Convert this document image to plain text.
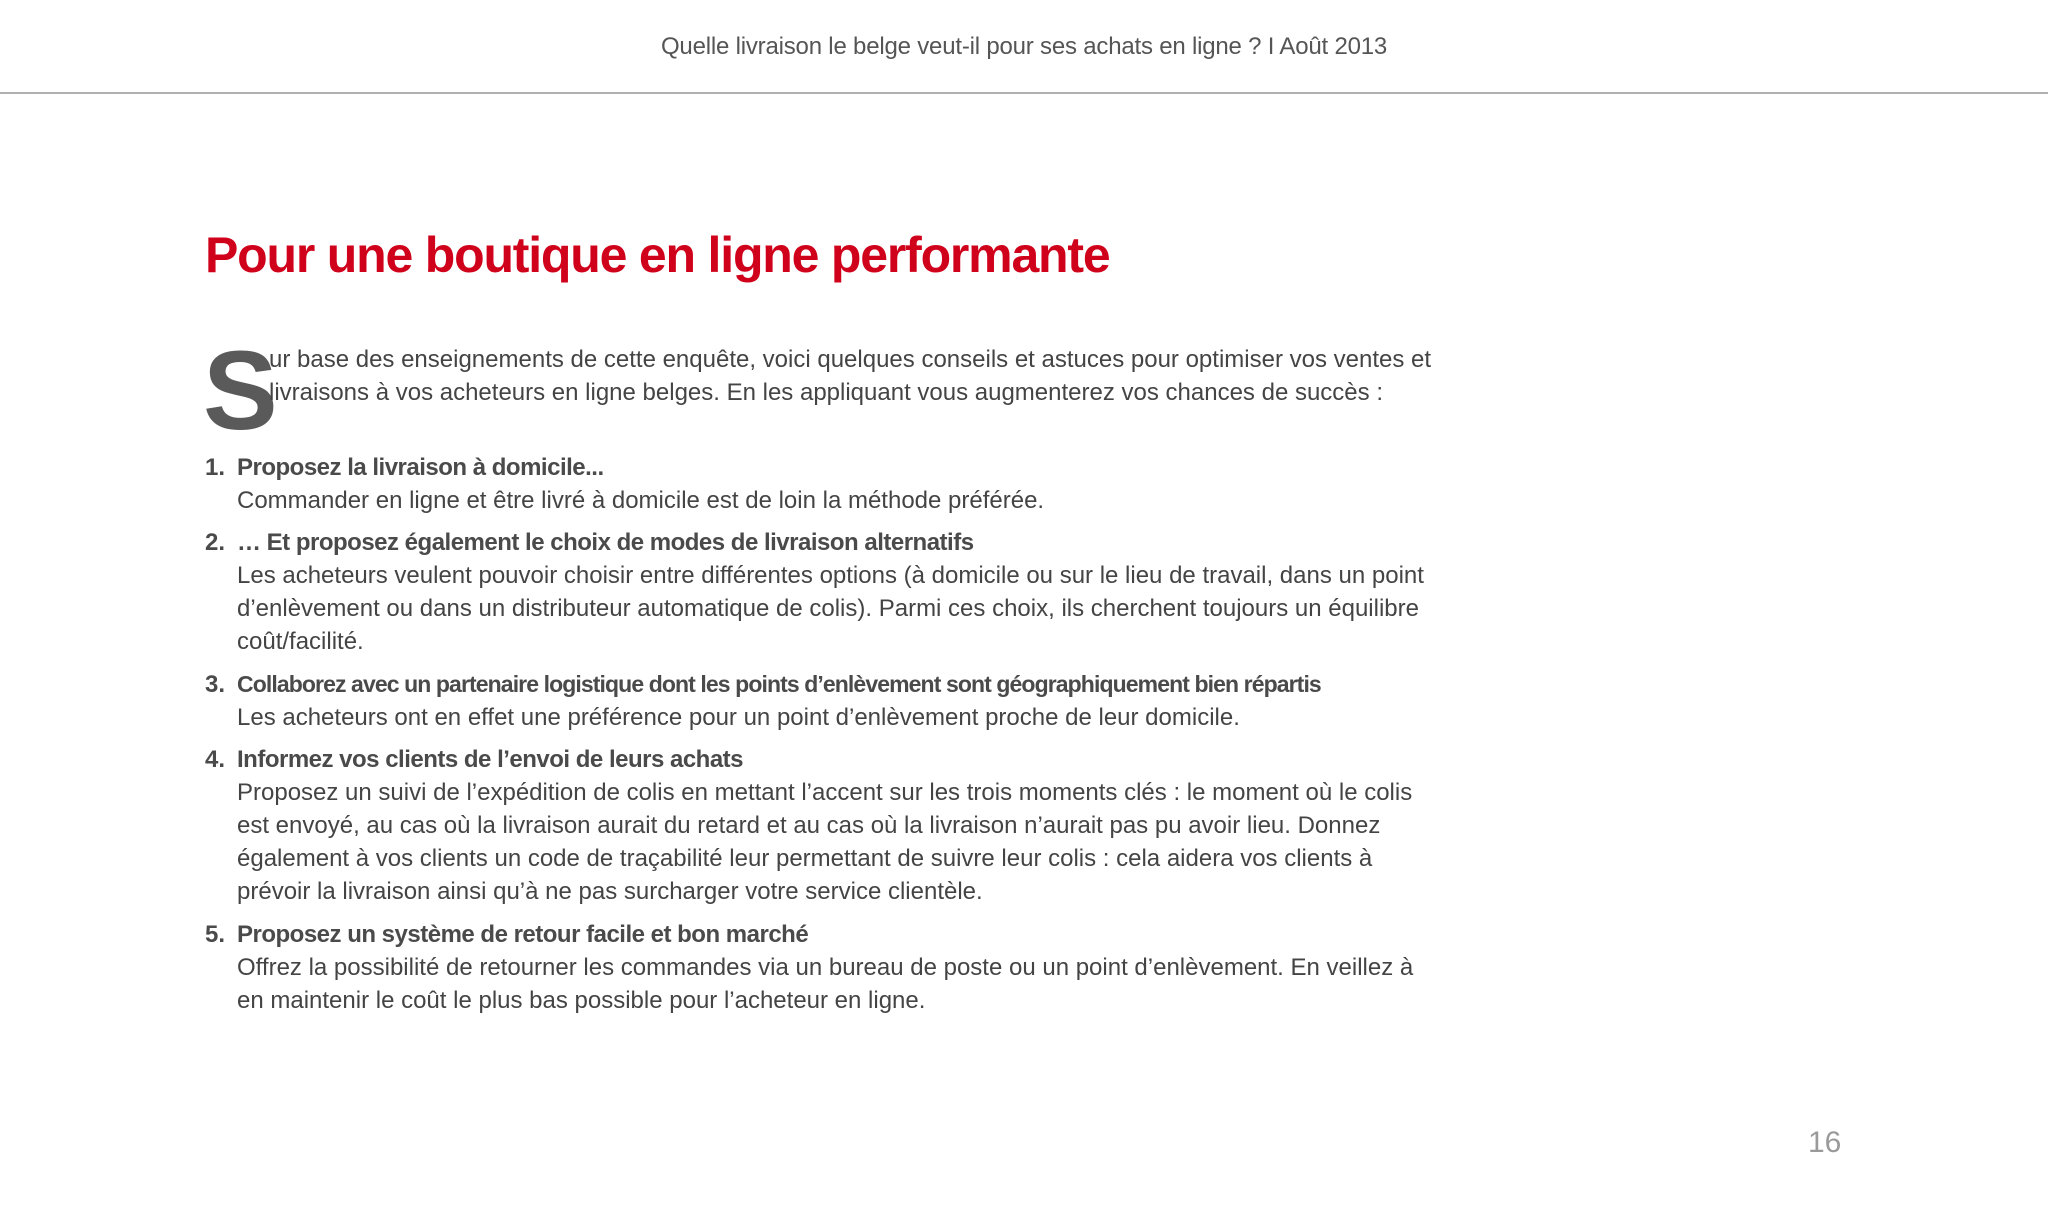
Quelle livraison le belge veut-il pour ses achats en ligne ? I Août 2013
Pour une boutique en ligne performante
S
ur base des enseignements de cette enquête, voici quelques conseils et astuces pour optimiser vos ventes et livraisons à vos acheteurs en ligne belges. En les appliquant vous augmenterez vos chances de succès :
1. Proposez la livraison à domicile...
Commander en ligne et être livré à domicile est de loin la méthode préférée.
2. … Et proposez également le choix de modes de livraison alternatifs
Les acheteurs veulent pouvoir choisir entre différentes options (à domicile ou sur le lieu de travail, dans un point d’enlèvement ou dans un distributeur automatique de colis). Parmi ces choix, ils cherchent toujours un équilibre coût/facilité.
3. Collaborez avec un partenaire logistique dont les points d’enlèvement sont géographiquement bien répartis
Les acheteurs ont en effet une préférence pour un point d’enlèvement proche de leur domicile.
4. Informez vos clients de l’envoi de leurs achats
Proposez un suivi de l’expédition de colis en mettant l’accent sur les trois moments clés : le moment où le colis est envoyé, au cas où la livraison aurait du retard et au cas où la livraison n’aurait pas pu avoir lieu. Donnez également à vos clients un code de traçabilité leur permettant de suivre leur colis : cela aidera vos clients à prévoir la livraison ainsi qu’à ne pas surcharger votre service clientèle.
5. Proposez un système de retour facile et bon marché
Offrez la possibilité de retourner les commandes via un bureau de poste ou un point d’enlèvement. En veillez à en maintenir le coût le plus bas possible pour l’acheteur en ligne.
16
